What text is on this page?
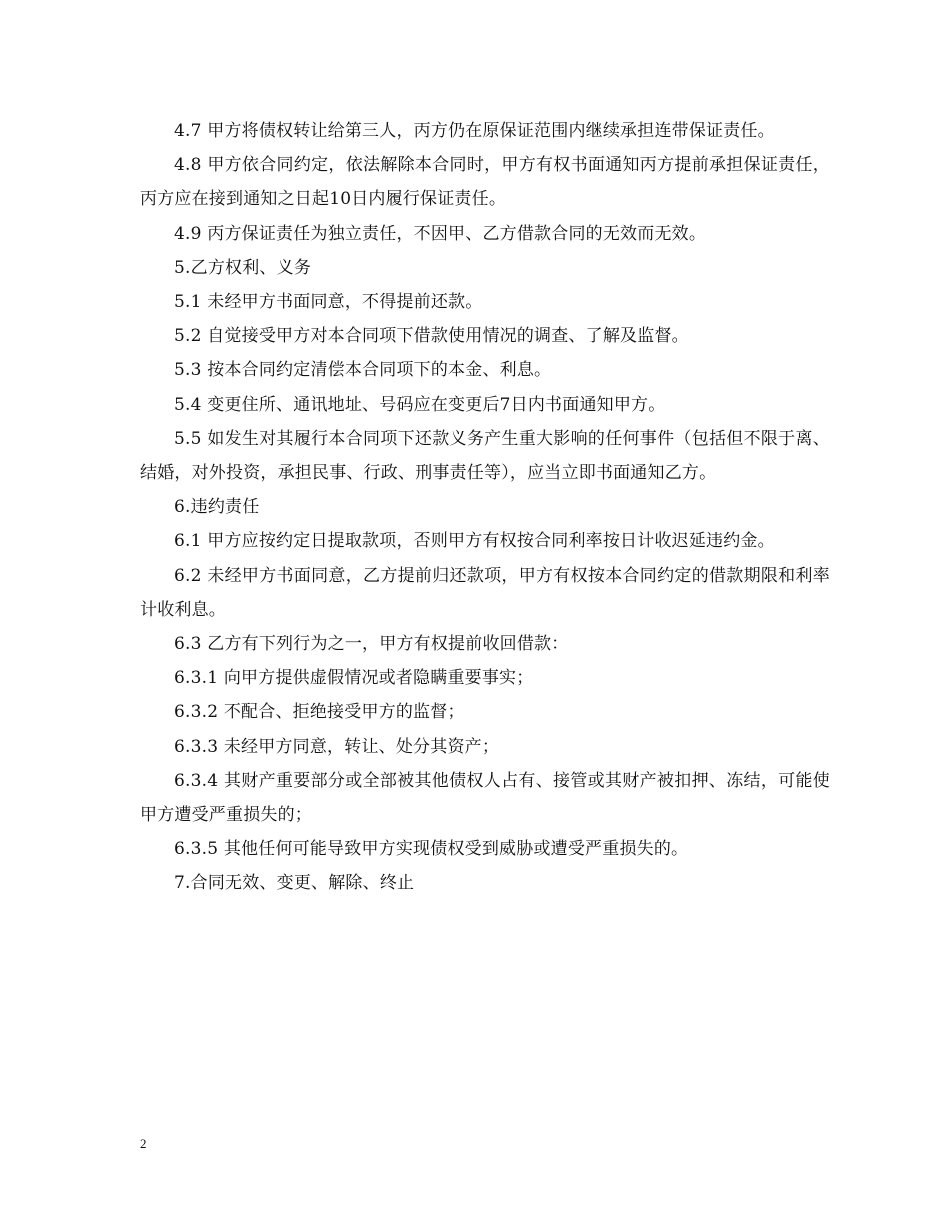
4.7 甲方将债权转让给第三人，丙方仍在原保证范围内继续承担连带保证责任。

4.8 甲方依合同约定，依法解除本合同时，甲方有权书面通知丙方提前承担保证责任，丙方应在接到通知之日起10日内履行保证责任。

4.9 丙方保证责任为独立责任，不因甲、乙方借款合同的无效而无效。

5.乙方权利、义务

5.1 未经甲方书面同意，不得提前还款。

5.2 自觉接受甲方对本合同项下借款使用情况的调查、了解及监督。

5.3 按本合同约定清偿本合同项下的本金、利息。

5.4 变更住所、通讯地址、号码应在变更后7日内书面通知甲方。

5.5 如发生对其履行本合同项下还款义务产生重大影响的任何事件（包括但不限于离、结婚，对外投资，承担民事、行政、刑事责任等），应当立即书面通知乙方。

6.违约责任

6.1 甲方应按约定日提取款项，否则甲方有权按合同利率按日计收迟延违约金。

6.2 未经甲方书面同意，乙方提前归还款项，甲方有权按本合同约定的借款期限和利率计收利息。

6.3 乙方有下列行为之一，甲方有权提前收回借款：

6.3.1 向甲方提供虚假情况或者隐瞒重要事实；

6.3.2 不配合、拒绝接受甲方的监督；

6.3.3 未经甲方同意，转让、处分其资产；

6.3.4 其财产重要部分或全部被其他债权人占有、接管或其财产被扣押、冻结，可能使甲方遭受严重损失的；

6.3.5 其他任何可能导致甲方实现债权受到威胁或遭受严重损失的。

7.合同无效、变更、解除、终止

2
